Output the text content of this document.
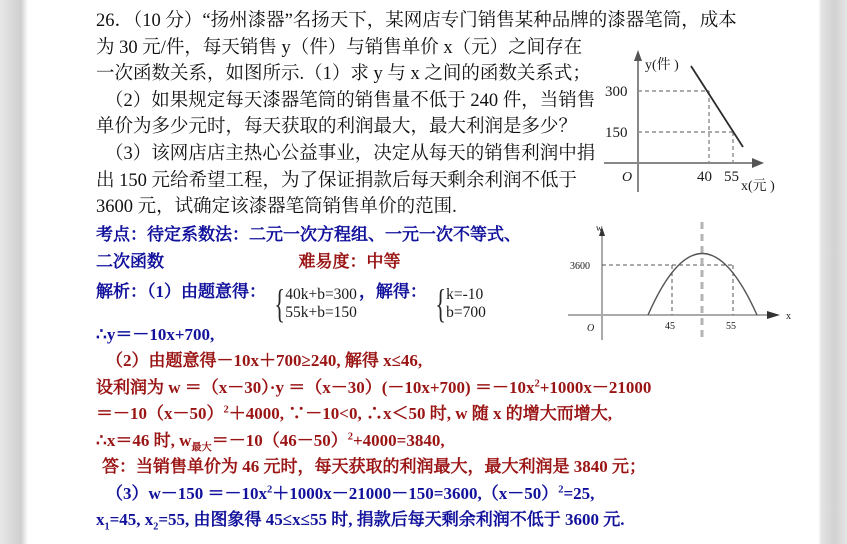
26．（10 分）“扬州漆器”名扬天下，某网店专门销售某种品牌的漆器笔筒，成本
为 30 元/件，每天销售 y（件）与销售单价 x（元）之间存在
一次函数关系，如图所示.（1）求 y 与 x 之间的函数关系式；
（2）如果规定每天漆器笔筒的销售量不低于 240 件，当销售
单价为多少元时，每天获取的利润最大，最大利润是多少？
（3）该网店店主热心公益事业，决定从每天的销售利润中捐
出 150 元给希望工程，为了保证捐款后每天剩余利润不低于
3600 元，试确定该漆器笔筒销售单价的范围.
考点：待定系数法：二元一次方程组、一元一次不等式、
二次函数	难易度：中等
解析：（1）由题意得： { 40k+b=300
55k+b=150
，解得： { k=-10
b=700
∴y＝－10x+700,
（2）由题意得－10x＋700≥240, 解得 x≤46,
设利润为 $w =(x-30)\cdot y =(x-30)(-10x+700) =-10x^2+1000x-21000$
$=-10(x-50)^2+4000$, ∵－10<0, ∴x＜50 时, w 随 x 的增大而增大,
∴x＝46 时, $w_{最大}=-10(46-50)^2+4000=3840$,
答：当销售单价为 46 元时，每天获取的利润最大，最大利润是 3840 元；
$(3)w-150 =-10x^2+1000x-21000-150=3600,(x-50)^2=25$,
$x_1=45$, $x_2=55$, 由图象得 45≤x≤55 时, 捐款后每天剩余利润不低于 3600 元.
y(件 )
300
150
O	40 55
x(元 )
w
3600
O	45	55
x
